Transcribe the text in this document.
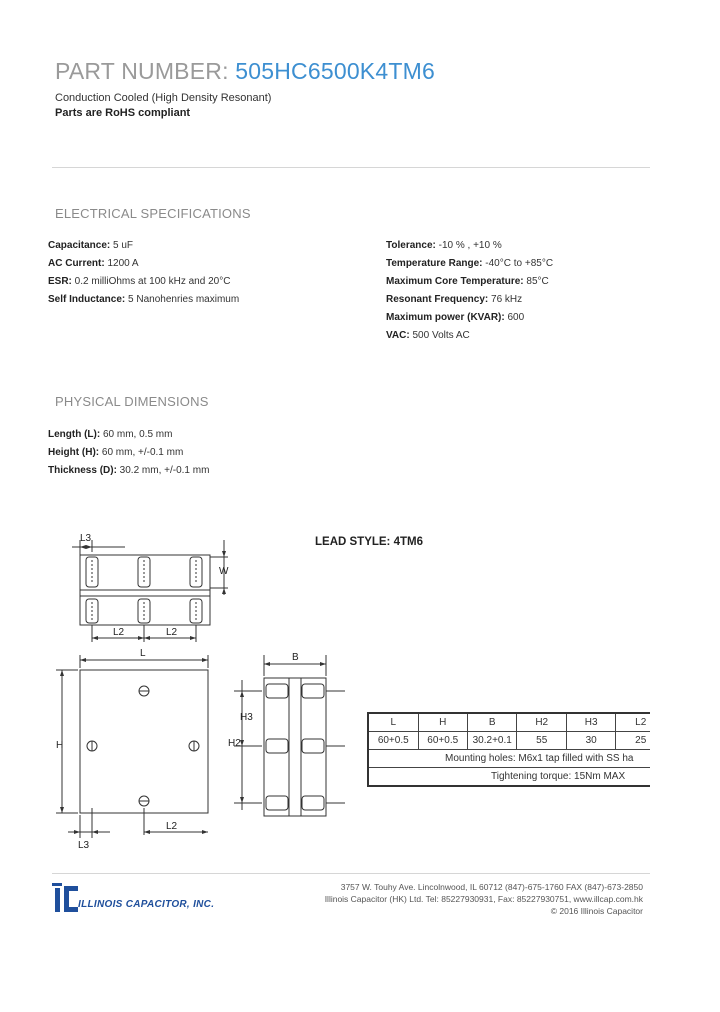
PART NUMBER: 505HC6500K4TM6
Conduction Cooled (High Density Resonant)
Parts are RoHS compliant
ELECTRICAL SPECIFICATIONS
Capacitance: 5 uF
AC Current: 1200 A
ESR: 0.2 milliOhms at 100 kHz and 20°C
Self Inductance: 5 Nanohenries maximum
Tolerance: -10 % , +10 %
Temperature Range: -40°C to +85°C
Maximum Core Temperature: 85°C
Resonant Frequency: 76 kHz
Maximum power (KVAR): 600
VAC: 500 Volts AC
PHYSICAL DIMENSIONS
Length (L): 60 mm, 0.5 mm
Height (H): 60 mm, +/-0.1 mm
Thickness (D): 30.2 mm, +/-0.1 mm
LEAD STYLE: 4TM6
L3
L2	L2
W
L
H
L3
L2
B
H2
H3	L	H	B	H2	H3	L2
60+0.5	60+0.5	30.2+0.1	55	30	25
Mounting holes: M6x1 tap filled with SS ha					
Tightening torque: 15Nm MAX					
ILLINOIS CAPACITOR, INC.
3757 W. Touhy Ave. Lincolnwood, IL 60712 (847)-675-1760 FAX (847)-673-2850
Illinois Capacitor (HK) Ltd. Tel: 85227930931, Fax: 85227930751, www.illcap.com.hk
© 2016 Illinois Capacitor
